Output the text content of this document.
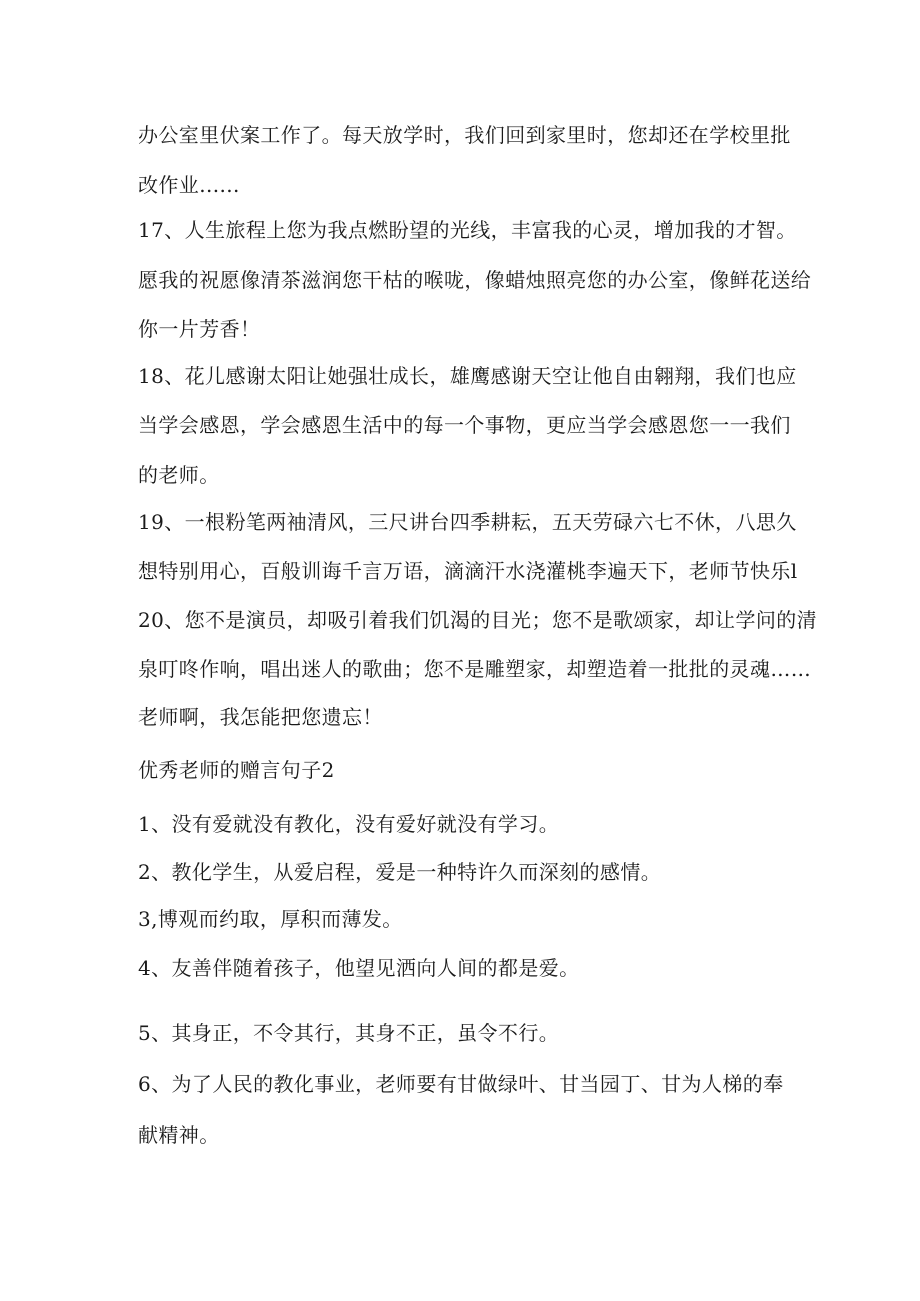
办公室里伏案工作了。每天放学时，我们回到家里时，您却还在学校里批
改作业......
17、人生旅程上您为我点燃盼望的光线，丰富我的心灵，增加我的才智。
愿我的祝愿像清茶滋润您干枯的喉咙，像蜡烛照亮您的办公室，像鲜花送给
你一片芳香！
18、花儿感谢太阳让她强壮成长，雄鹰感谢天空让他自由翱翔，我们也应
当学会感恩，学会感恩生活中的每一个事物，更应当学会感恩您一一我们
的老师。
19、一根粉笔两袖清风，三尺讲台四季耕耘，五天劳碌六七不休，八思久
想特别用心，百般训诲千言万语，滴滴汗水浇灌桃李遍天下，老师节快乐l
20、您不是演员，却吸引着我们饥渴的目光；您不是歌颂家，却让学问的清
泉叮咚作响，唱出迷人的歌曲；您不是雕塑家，却塑造着一批批的灵魂……
老师啊，我怎能把您遗忘！
优秀老师的赠言句子2
1、没有爱就没有教化，没有爱好就没有学习。
2、教化学生，从爱启程，爱是一种特许久而深刻的感情。
3,博观而约取，厚积而薄发。
4、友善伴随着孩子，他望见洒向人间的都是爱。
5、其身正，不令其行，其身不正，虽令不行。
6、为了人民的教化事业，老师要有甘做绿叶、甘当园丁、甘为人梯的奉
献精神。
